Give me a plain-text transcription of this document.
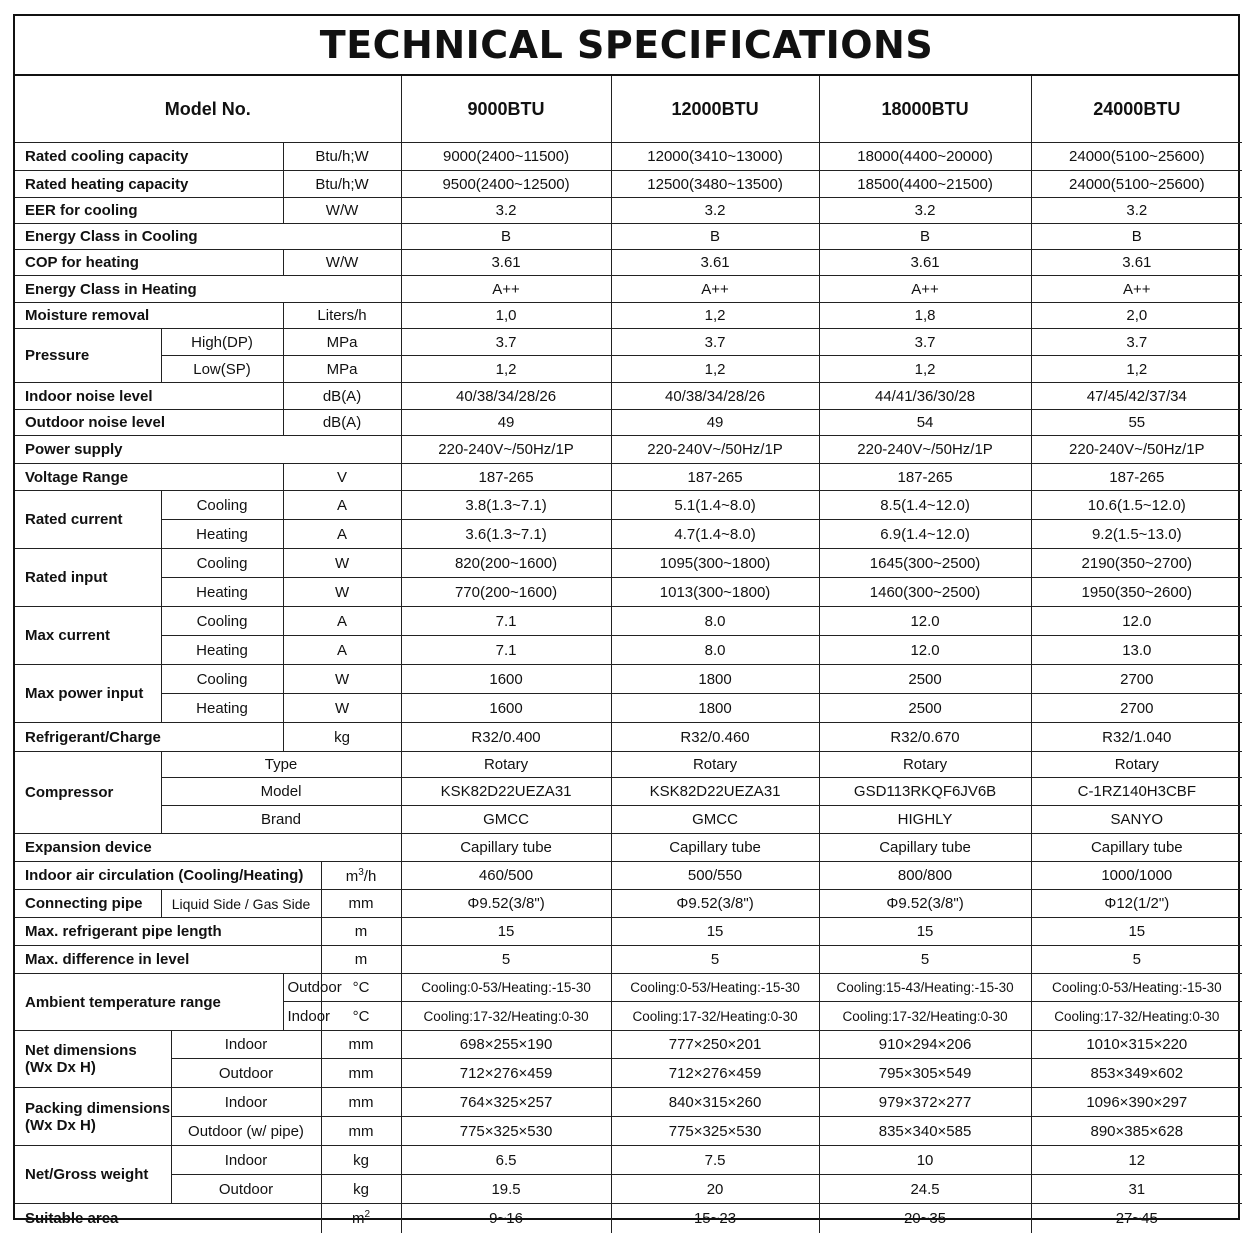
TECHNICAL SPECIFICATIONS
Model No.					9000BTU	12000BTU	18000BTU	24000BTU
Rated cooling capacity			Btu/h;W		9000(2400~11500)	12000(3410~13000)	18000(4400~20000)	24000(5100~25600)
Rated heating capacity			Btu/h;W		9500(2400~12500)	12500(3480~13500)	18500(4400~21500)	24000(5100~25600)
EER for cooling			W/W		3.2	3.2	3.2	3.2
Energy Class in Cooling					B	B	B	B
COP for heating			W/W		3.61	3.61	3.61	3.61
Energy Class in Heating					A++	A++	A++	A++
Moisture removal			Liters/h		1,0	1,2	1,8	2,0
Pressure	High(DP)		MPa		3.7	3.7	3.7	3.7
	Low(SP)		MPa		1,2	1,2	1,2	1,2
Indoor noise level			dB(A)		40/38/34/28/26	40/38/34/28/26	44/41/36/30/28	47/45/42/37/34
Outdoor noise level			dB(A)		49	49	54	55
Power supply					220-240V~/50Hz/1P	220-240V~/50Hz/1P	220-240V~/50Hz/1P	220-240V~/50Hz/1P
Voltage Range			V		187-265	187-265	187-265	187-265
Rated current	Cooling		A		3.8(1.3~7.1)	5.1(1.4~8.0)	8.5(1.4~12.0)	10.6(1.5~12.0)
	Heating		A		3.6(1.3~7.1)	4.7(1.4~8.0)	6.9(1.4~12.0)	9.2(1.5~13.0)
Rated input	Cooling		W		820(200~1600)	1095(300~1800)	1645(300~2500)	2190(350~2700)
	Heating		W		770(200~1600)	1013(300~1800)	1460(300~2500)	1950(350~2600)
Max current	Cooling		A		7.1	8.0	12.0	12.0
	Heating		A		7.1	8.0	12.0	13.0
Max power input	Cooling		W		1600	1800	2500	2700
	Heating		W		1600	1800	2500	2700
Refrigerant/Charge			kg		R32/0.400	R32/0.460	R32/0.670	R32/1.040
Compressor	Type				Rotary	Rotary	Rotary	Rotary
	Model				KSK82D22UEZA31	KSK82D22UEZA31	GSD113RKQF6JV6B	C-1RZ140H3CBF
	Brand				GMCC	GMCC	HIGHLY	SANYO
Expansion device					Capillary tube	Capillary tube	Capillary tube	Capillary tube
Indoor air circulation (Cooling/Heating)				$m^3/h$	460/500	500/550	800/800	1000/1000
Connecting pipe	Liquid Side / Gas Side			mm	Φ9.52(3/8")	Φ9.52(3/8")	Φ9.52(3/8")	Φ12(1/2")
Max. refrigerant pipe length				m	15	15	15	15
Max. difference in level				m	5	5	5	5
Ambient temperature range			Outdoor	°C	Cooling:0-53/Heating:-15-30	Cooling:0-53/Heating:-15-30	Cooling:15-43/Heating:-15-30	Cooling:0-53/Heating:-15-30
			Indoor	°C	Cooling:17-32/Heating:0-30	Cooling:17-32/Heating:0-30	Cooling:17-32/Heating:0-30	Cooling:17-32/Heating:0-30

Net dimensions
(Wx Dx H)		Indoor		mm	698×255×190	777×250×201	910×294×206	1010×315×220
		Outdoor		mm	712×276×459	712×276×459	795×305×549	853×349×602

Packing dimensions
(Wx Dx H)		Indoor		mm	764×325×257	840×315×260	979×372×277	1096×390×297
		Outdoor (w/ pipe)		mm	775×325×530	775×325×530	835×340×585	890×385×628
Net/Gross weight		Indoor		kg	6.5	7.5	10	12
		Outdoor		kg	19.5	20	24.5	31
Suitable area				$m^2$	9~16	15~23	20~35	27~45
